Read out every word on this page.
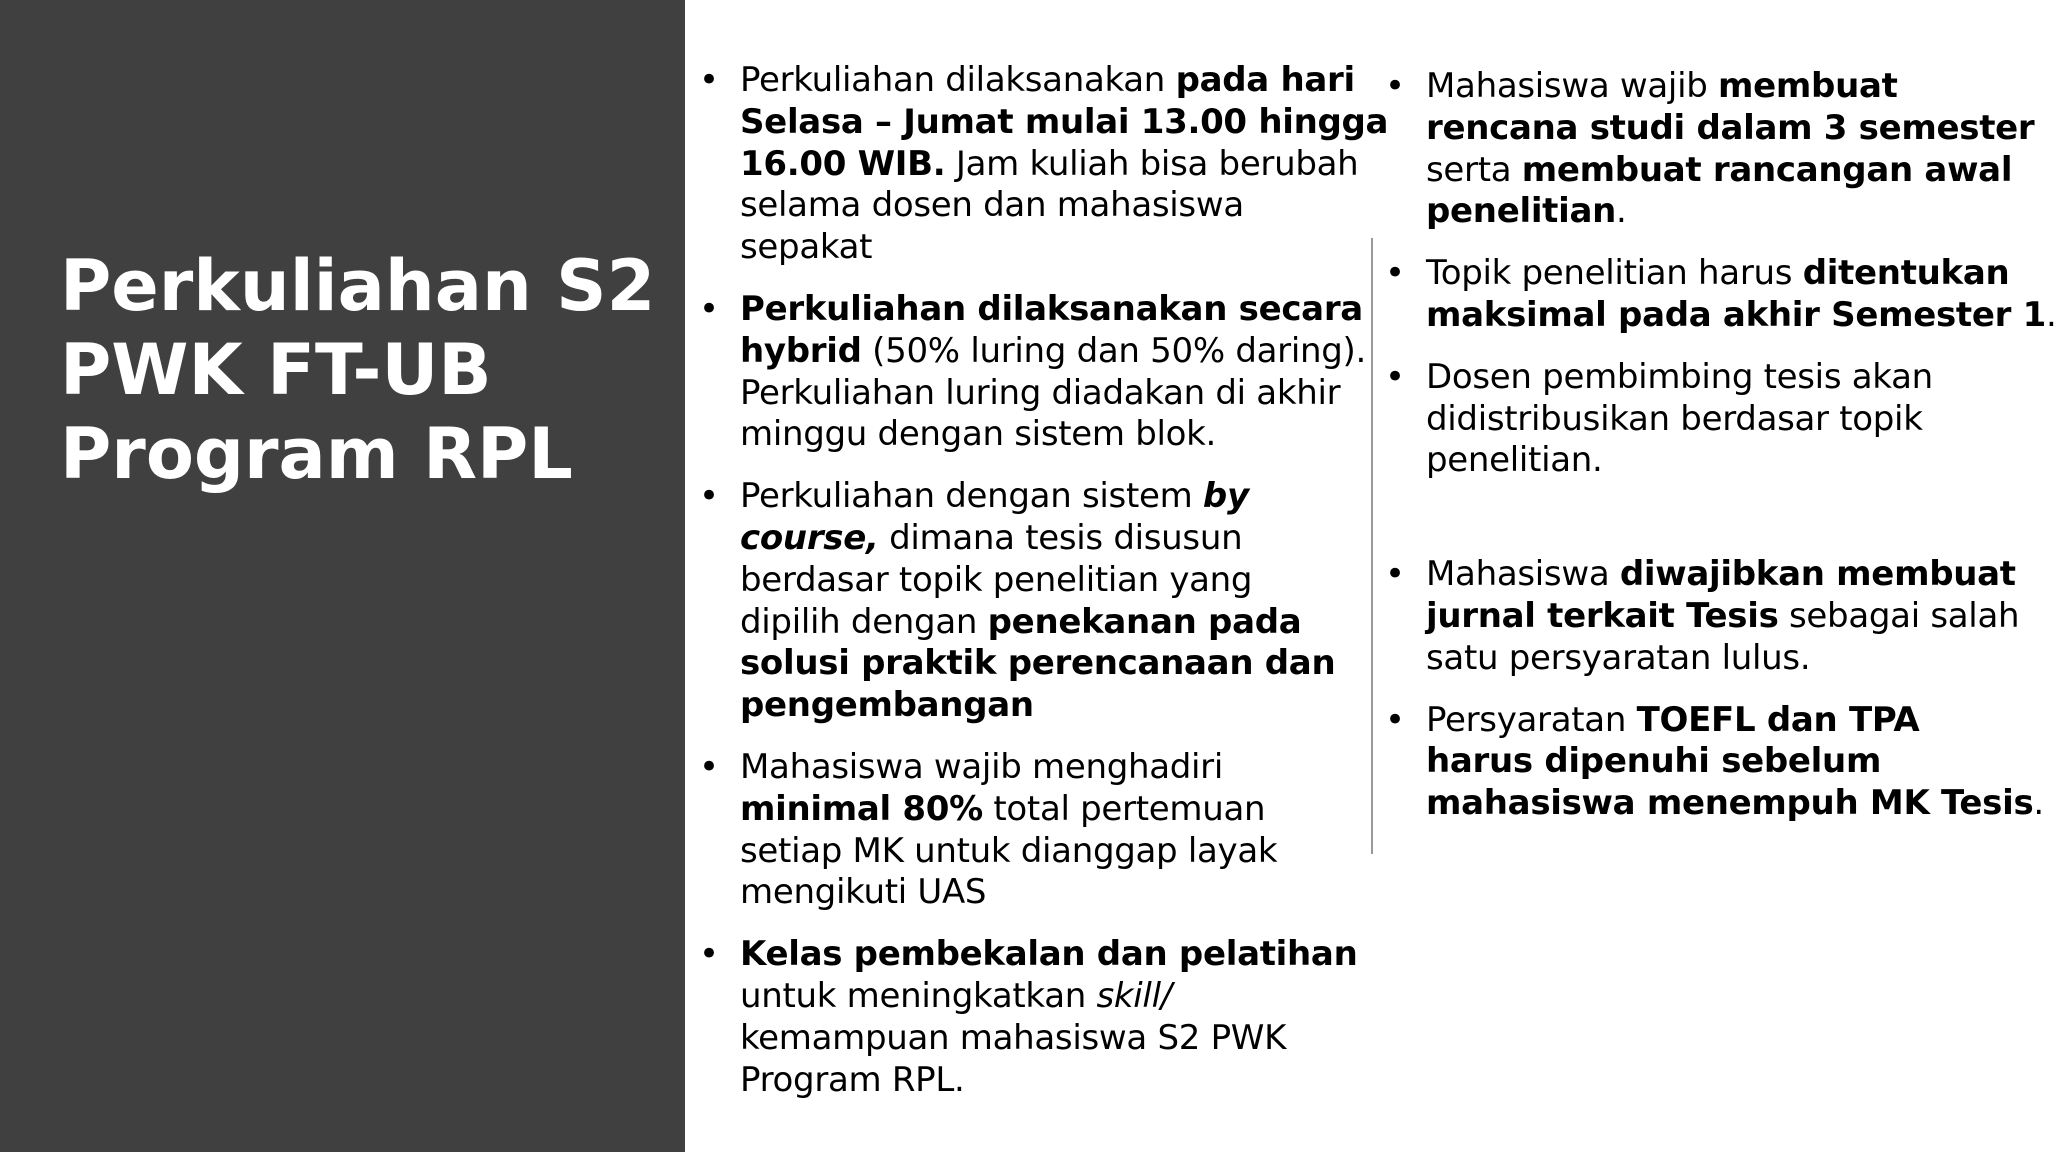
Perkuliahan S2
PWK FT-UB
Program RPL
• Perkuliahan dilaksanakan pada hari
Selasa – Jumat mulai 13.00 hingga
16.00 WIB. Jam kuliah bisa berubah
selama dosen dan mahasiswa
sepakat
• Perkuliahan dilaksanakan secara
hybrid (50% luring dan 50% daring).
Perkuliahan luring diadakan di akhir
minggu dengan sistem blok.
• Perkuliahan dengan sistem by
course, dimana tesis disusun
berdasar topik penelitian yang
dipilih dengan penekanan pada
solusi praktik perencanaan dan
pengembangan
• Mahasiswa wajib menghadiri
minimal 80% total pertemuan
setiap MK untuk dianggap layak
mengikuti UAS
• Kelas pembekalan dan pelatihan
untuk meningkatkan skill/
kemampuan mahasiswa S2 PWK
Program RPL.
• Mahasiswa wajib membuat
rencana studi dalam 3 semester
serta membuat rancangan awal
penelitian.
• Topik penelitian harus ditentukan
maksimal pada akhir Semester 1.
• Dosen pembimbing tesis akan
didistribusikan berdasar topik
penelitian.
• Mahasiswa diwajibkan membuat
jurnal terkait Tesis sebagai salah
satu persyaratan lulus.
• Persyaratan TOEFL dan TPA
harus dipenuhi sebelum
mahasiswa menempuh MK Tesis.
